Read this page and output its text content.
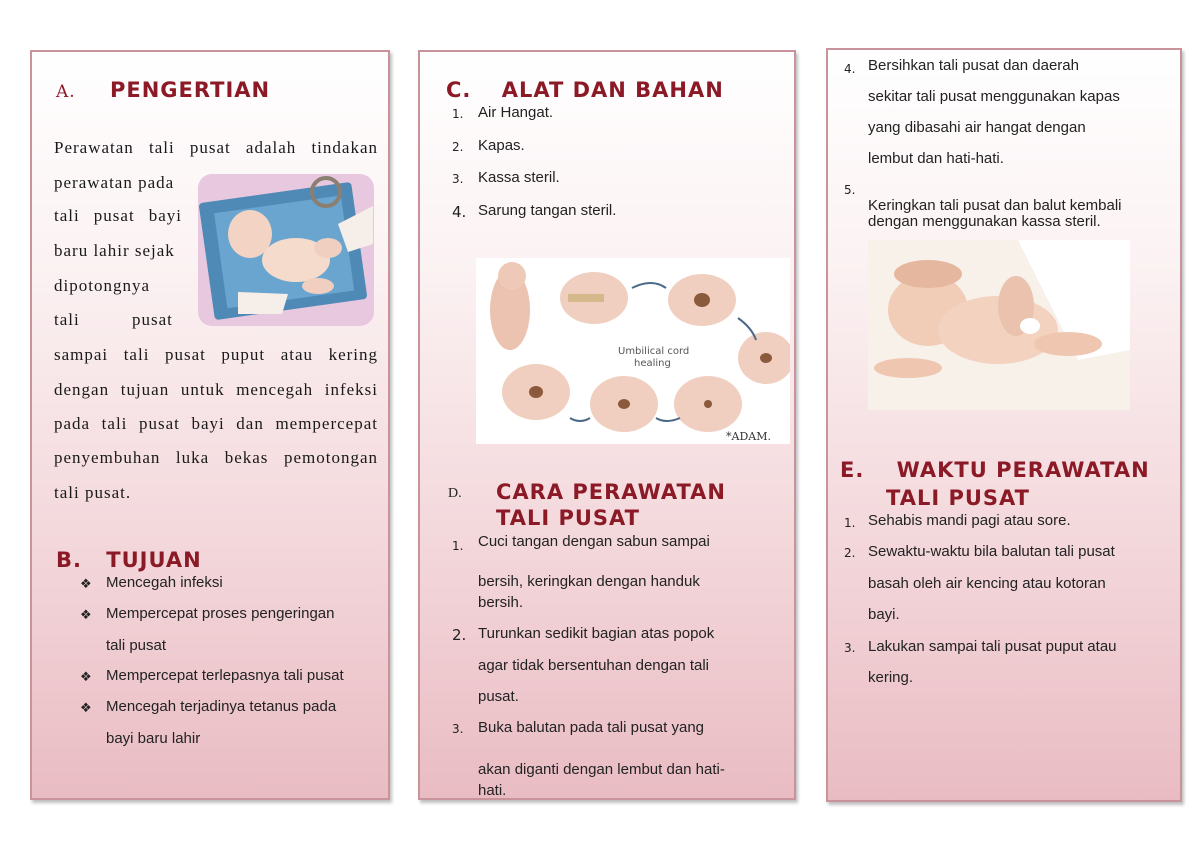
A. PENGERTIAN
Perawatan tali pusat adalah tindakan
perawatan pada
tali pusat bayi
baru lahir sejak
dipotongnya
tali	pusat
sampai tali pusat puput atau kering
dengan tujuan untuk mencegah infeksi
pada tali pusat bayi dan mempercepat
penyembuhan luka bekas pemotongan
tali pusat.
B. TUJUAN
❖ Mencegah infeksi
❖ Mempercepat proses pengeringan
tali pusat
❖ Mempercepat terlepasnya tali pusat
❖ Mencegah terjadinya tetanus pada
bayi baru lahir
C. ALAT DAN BAHAN
1. Air Hangat.
2. Kapas.
3. Kassa steril.
4. Sarung tangan steril.
Umbilical cord
healing
*ADAM.
D. CARA PERAWATAN
TALI PUSAT
1. Cuci tangan dengan sabun sampai
bersih, keringkan dengan handuk
bersih.
2. Turunkan sedikit bagian atas popok
agar tidak bersentuhan dengan tali
pusat.
3. Buka balutan pada tali pusat yang
akan diganti dengan lembut dan hati-
hati.
4. Bersihkan tali pusat dan daerah
sekitar tali pusat menggunakan kapas
yang dibasahi air hangat dengan
lembut dan hati-hati.
5.
Keringkan tali pusat dan balut kembali
dengan menggunakan kassa steril.
E. WAKTU PERAWATAN
TALI PUSAT
1. Sehabis mandi pagi atau sore.
2. Sewaktu-waktu bila balutan tali pusat
basah oleh air kencing atau kotoran
bayi.
3. Lakukan sampai tali pusat puput atau
kering.
